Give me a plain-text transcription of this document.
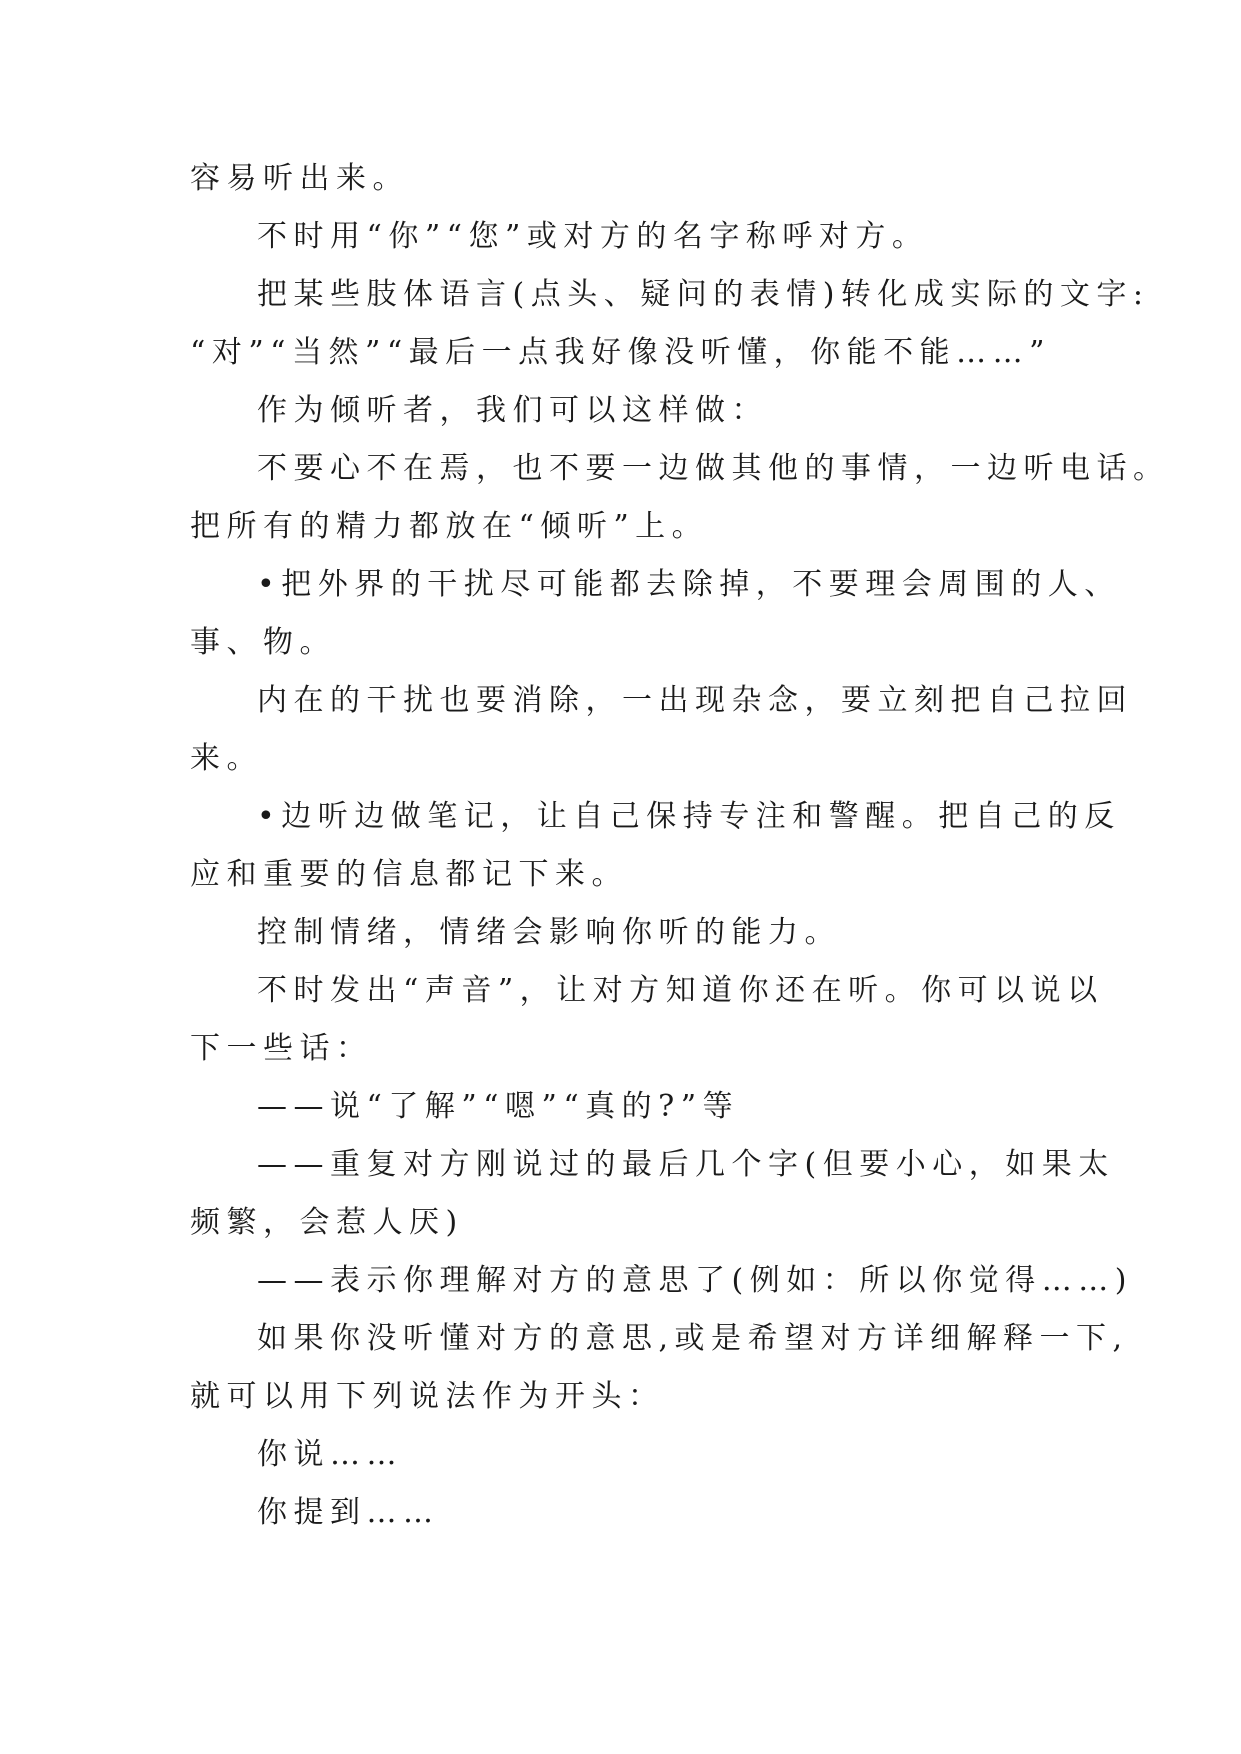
容易听出来。
不时用“你”“您”或对方的名字称呼对方。
把某些肢体语言(点头、疑问的表情)转化成实际的文字:
“对”“当然”“最后一点我好像没听懂，你能不能……”
作为倾听者，我们可以这样做：
不要心不在焉，也不要一边做其他的事情，一边听电话。
把所有的精力都放在“倾听”上。
•把外界的干扰尽可能都去除掉，不要理会周围的人、
事、物。
内在的干扰也要消除，一出现杂念，要立刻把自己拉回
来。
•边听边做笔记，让自己保持专注和警醒。把自己的反
应和重要的信息都记下来。
控制情绪，情绪会影响你听的能力。
不时发出“声音”，让对方知道你还在听。你可以说以
下一些话：
——说“了解”“嗯”“真的?”等
——重复对方刚说过的最后几个字(但要小心，如果太
频繁，会惹人厌)
——表示你理解对方的意思了(例如：所以你觉得……)
如果你没听懂对方的意思,或是希望对方详细解释一下,
就可以用下列说法作为开头：
你说……
你提到……
